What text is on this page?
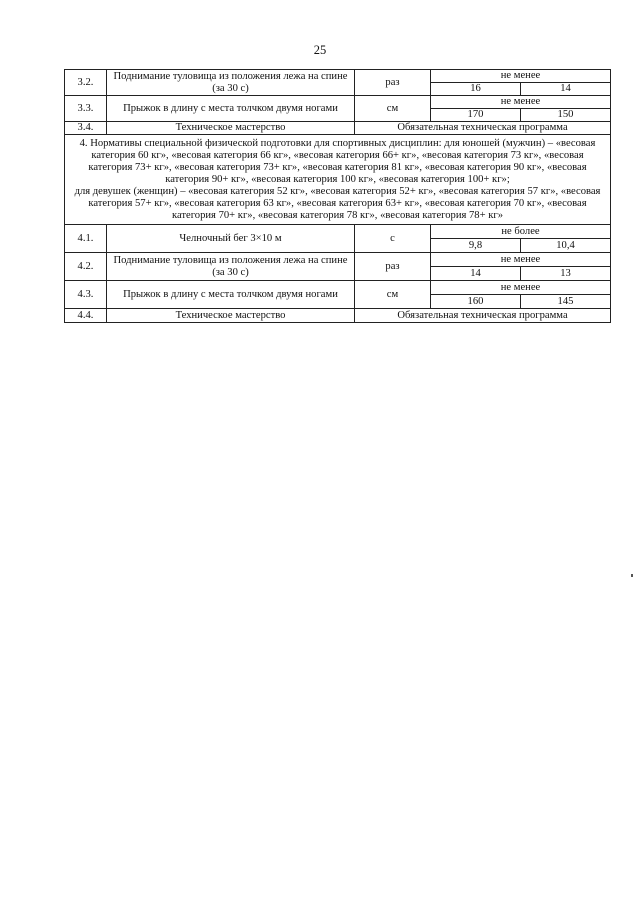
25
3.2.	Поднимание туловища из положения лежа на спине (за 30 с)	раз	не менее	
			16	14
3.3.	Прыжок в длину с места толчком двумя ногами	см	не менее	
			170	150
3.4.	Техническое мастерство	Обязательная техническая программа		

4. Нормативы специальной физической подготовки для спортивных дисциплин: для юношей (мужчин) – «весовая категория 60 кг», «весовая категория 66 кг», «весовая категория 66+ кг», «весовая категория 73 кг», «весовая категория 73+ кг», «весовая категория 73+ кг», «весовая категория 81 кг», «весовая категория 90 кг», «весовая категория 90+ кг», «весовая категория 100 кг», «весовая категория 100+ кг»;

для девушек (женщин) – «весовая категория 52 кг», «весовая категория 52+ кг», «весовая категория 57 кг», «весовая категория 57+ кг», «весовая категория 63 кг», «весовая категория 63+ кг», «весовая категория 70 кг», «весовая категория 70+ кг», «весовая категория 78 кг», «весовая категория 78+ кг»				

4.1.	Челночный бег 3×10 м	с	не более	
			9,8	10,4
4.2.	Поднимание туловища из положения лежа на спине (за 30 с)	раз	не менее	
			14	13
4.3.	Прыжок в длину с места толчком двумя ногами	см	не менее	
			160	145
4.4.	Техническое мастерство	Обязательная техническая программа		
